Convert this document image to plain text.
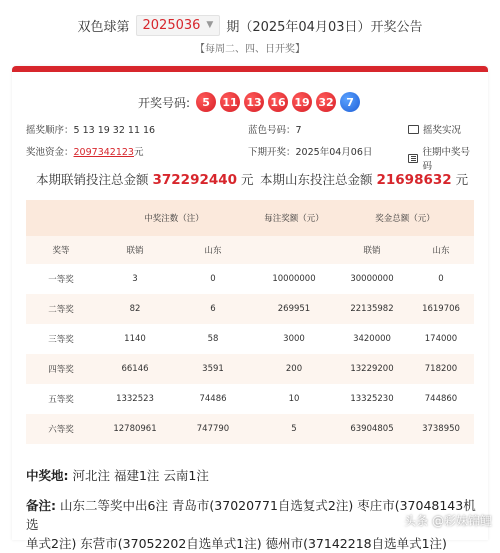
双色球第 2025036 ▼ 期（2025年04月03日）开奖公告
【每周二、四、日开奖】
开奖号码:	5	11 13 16 19 32	7
摇奖顺序：5 13 19 32 11 16	蓝色号码：7	摇奖实况
奖池资金：2097342123元	下期开奖：2025年04月06日	往期中奖号码
本期联销投注总金额 372292440 元 本期山东投注总金额 21698632 元
	中奖注数（注）		每注奖额（元）	奖金总额（元）	
奖等	联销	山东		联销	山东
一等奖	3	0	10000000	30000000	0
二等奖	82	6	269951	22135982	1619706
三等奖	1140	58	3000	3420000	174000
四等奖	66146	3591	200	13229200	718200
五等奖	1332523	74486	10	13325230	744860
六等奖	12780961	747790	5	63904805	3738950
中奖地: 河北注 福建1注 云南1注
备注: 山东二等奖中出6注 青岛市(37020771自选复式2注) 枣庄市(37048143机选
单式2注) 东营市(37052202自选单式1注) 德州市(37142218自选单式1注)
头条 @彩妹锦鲤
